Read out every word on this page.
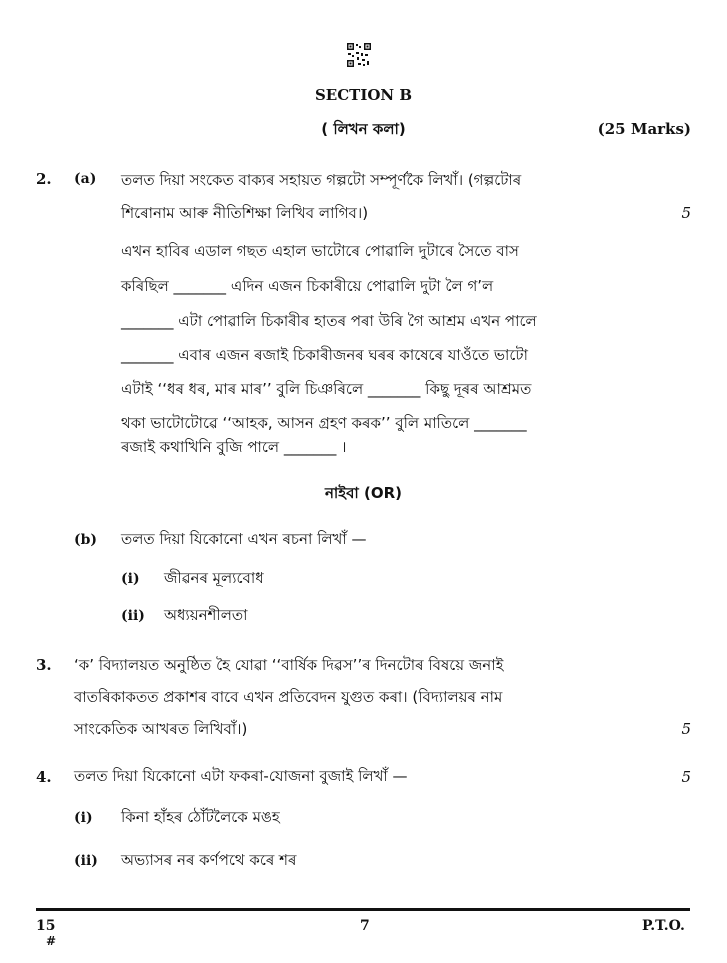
SECTION B
( লিখন কলা)	(25 Marks)
2. (a) তলত দিয়া সংকেত বাক্যৰ সহায়ত গল্পটো সম্পূৰ্ণকৈ লিখাঁ। (গল্পটোৰ
শিৰোনাম আৰু নীতিশিক্ষা লিখিব লাগিব।)	5
এখন হাবিৰ এডাল গছত এহাল ভাটোৰে পোৱালি দুটাৰে সৈতে বাস
কৰিছিল _______ এদিন এজন চিকাৰীয়ে পোৱালি দুটা লৈ গ’ল
_______ এটা পোৱালি চিকাৰীৰ হাতৰ পৰা উৰি গৈ আশ্ৰম এখন পালে
_______ এবাৰ এজন ৰজাই চিকাৰীজনৰ ঘৰৰ কাষেৰে যাওঁতে ভাটো
এটাই ‘‘ধৰ ধৰ, মাৰ মাৰ’’ বুলি চিঞৰিলে _______ কিছু দূৰৰ আশ্ৰমত
থকা ভাটোটোৱে ‘‘আহক, আসন গ্ৰহণ কৰক’’ বুলি মাতিলে _______
ৰজাই কথাখিনি বুজি পালে _______ ।
নাইবা (OR)
(b) তলত দিয়া যিকোনো এখন ৰচনা লিখাঁ —
(i) জীৱনৰ মূল্যবোধ
(ii) অধ্যয়নশীলতা
3. ‘ক’ বিদ্যালয়ত অনুষ্ঠিত হৈ যোৱা ‘‘বাৰ্ষিক দিৱস’’ৰ দিনটোৰ বিষয়ে জনাই
বাতৰিকাকতত প্ৰকাশৰ বাবে এখন প্ৰতিবেদন যুগুত কৰা। (বিদ্যালয়ৰ নাম
সাংকেতিক আখৰত লিখিবাঁ।)	5
4. তলত দিয়া যিকোনো এটা ফকৰা-যোজনা বুজাই লিখাঁ —	5
(i) কিনা হাঁহৰ ঠোঁটলৈকে মঙহ
(ii) অভ্যাসৰ নৰ কৰ্ণপথে কৰে শৰ
15
#
7	P.T.O.
